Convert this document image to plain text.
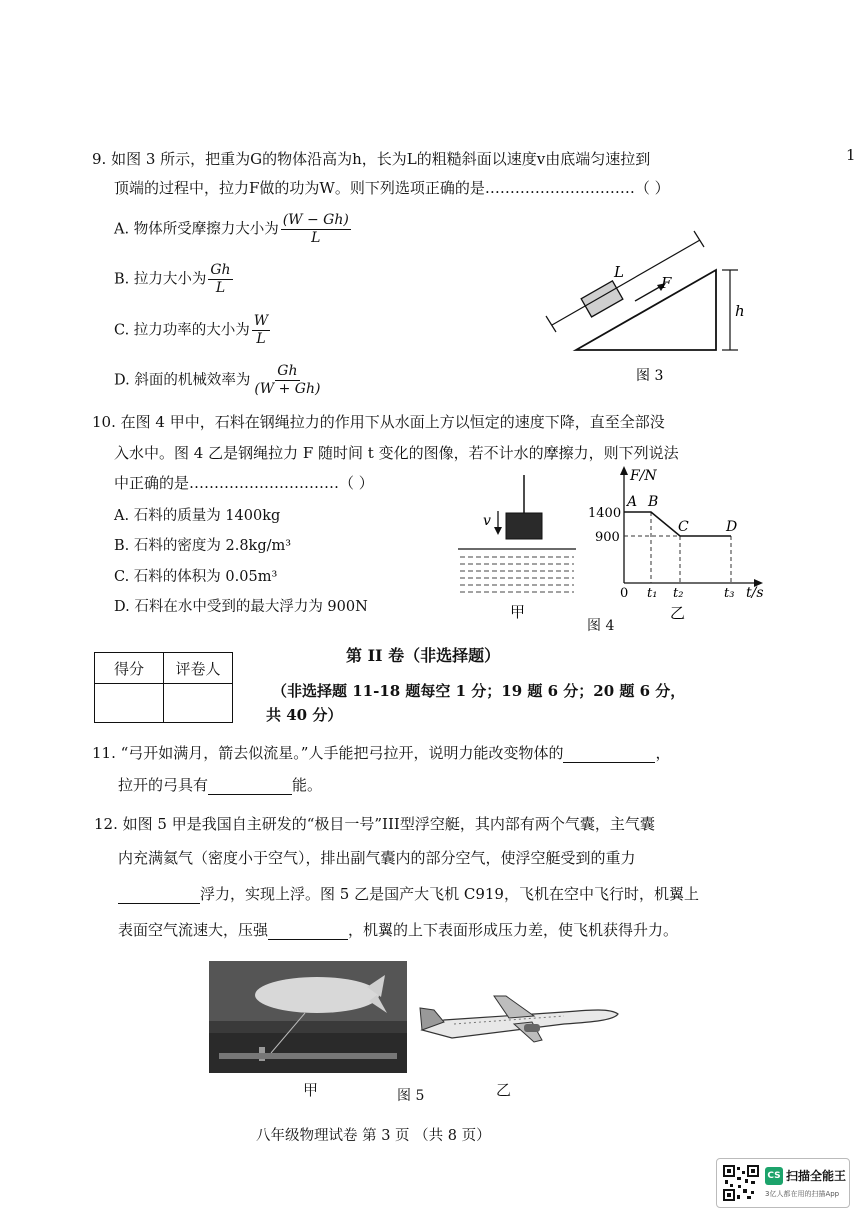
9. 如图 3 所示，把重为G的物体沿高为h，长为L的粗糙斜面以速度v由底端匀速拉到
顶端的过程中，拉力F做的功为W。则下列选项正确的是…………………………（ ）
A. 物体所受摩擦力大小为 $\frac{(W - Gh)}{L}$
B. 拉力大小为 $\frac{Gh}{L}$
C. 拉力功率的大小为 $\frac{W}{L}$
D. 斜面的机械效率为 $\frac{Gh}{(W + Gh)}$
F
L
h
图 3
10. 在图 4 甲中，石料在钢绳拉力的作用下从水面上方以恒定的速度下降，直至全部没
入水中。图 4 乙是钢绳拉力 F 随时间 t 变化的图像，若不计水的摩擦力，则下列说法
中正确的是…………………………（ ）
A. 石料的质量为 1400kg
B. 石料的密度为 2.8kg/m³
C. 石料的体积为 0.05m³
D. 石料在水中受到的最大浮力为 900N
v
甲
F/N
t/s
1400
900
0 t₁ t₂	t₃
A B
C	D
乙
图 4
得分	评卷人

第 II 卷（非选择题）
（非选择题 11-18 题每空 1 分；19 题 6 分；20 题 6 分，
共 40 分）
11. “弓开如满月，箭去似流星。”人手能把弓拉开，说明力能改变物体的	，
拉开的弓具有	能。
12. 如图 5 甲是我国自主研发的“极目一号”III型浮空艇，其内部有两个气囊，主气囊
内充满氦气（密度小于空气），排出副气囊内的部分空气，使浮空艇受到的重力
浮力，实现上浮。图 5 乙是国产大飞机 C919，飞机在空中飞行时，机翼上
表面空气流速大，压强	，机翼的上下表面形成压力差，使飞机获得升力。
甲	图 5	乙
八年级物理试卷 第 3 页 （共 8 页）
1
CS 扫描全能王
3亿人都在用的扫描App
